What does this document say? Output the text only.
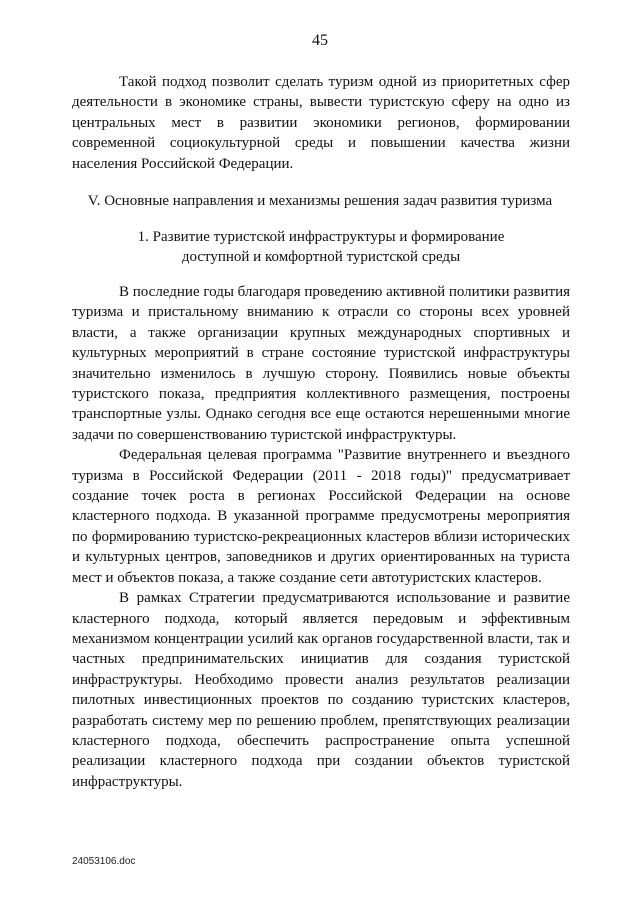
45

Такой подход позволит сделать туризм одной из приоритетных сфер деятельности в экономике страны, вывести туристскую сферу на одно из центральных мест в развитии экономики регионов, формировании современной социокультурной среды и повышении качества жизни населения Российской Федерации.

V. Основные направления и механизмы решения задач развития туризма
1. Развитие туристской инфраструктуры и формирование
доступной и комфортной туристской среды

В последние годы благодаря проведению активной политики развития туризма и пристальному вниманию к отрасли со стороны всех уровней власти, а также организации крупных международных спортивных и культурных мероприятий в стране состояние туристской инфраструктуры значительно изменилось в лучшую сторону. Появились новые объекты туристского показа, предприятия коллективного размещения, построены транспортные узлы. Однако сегодня все еще остаются нерешенными многие задачи по совершенствованию туристской инфраструктуры.

Федеральная целевая программа "Развитие внутреннего и въездного туризма в Российской Федерации (2011 - 2018 годы)" предусматривает создание точек роста в регионах Российской Федерации на основе кластерного подхода. В указанной программе предусмотрены мероприятия по формированию туристско-рекреационных кластеров вблизи исторических и культурных центров, заповедников и других ориентированных на туриста мест и объектов показа, а также создание сети автотуристских кластеров.

В рамках Стратегии предусматриваются использование и развитие кластерного подхода, который является передовым и эффективным механизмом концентрации усилий как органов государственной власти, так и частных предпринимательских инициатив для создания туристской инфраструктуры. Необходимо провести анализ результатов реализации пилотных инвестиционных проектов по созданию туристских кластеров, разработать систему мер по решению проблем, препятствующих реализации кластерного подхода, обеспечить распространение опыта успешной реализации кластерного подхода при создании объектов туристской инфраструктуры.

24053106.doc
